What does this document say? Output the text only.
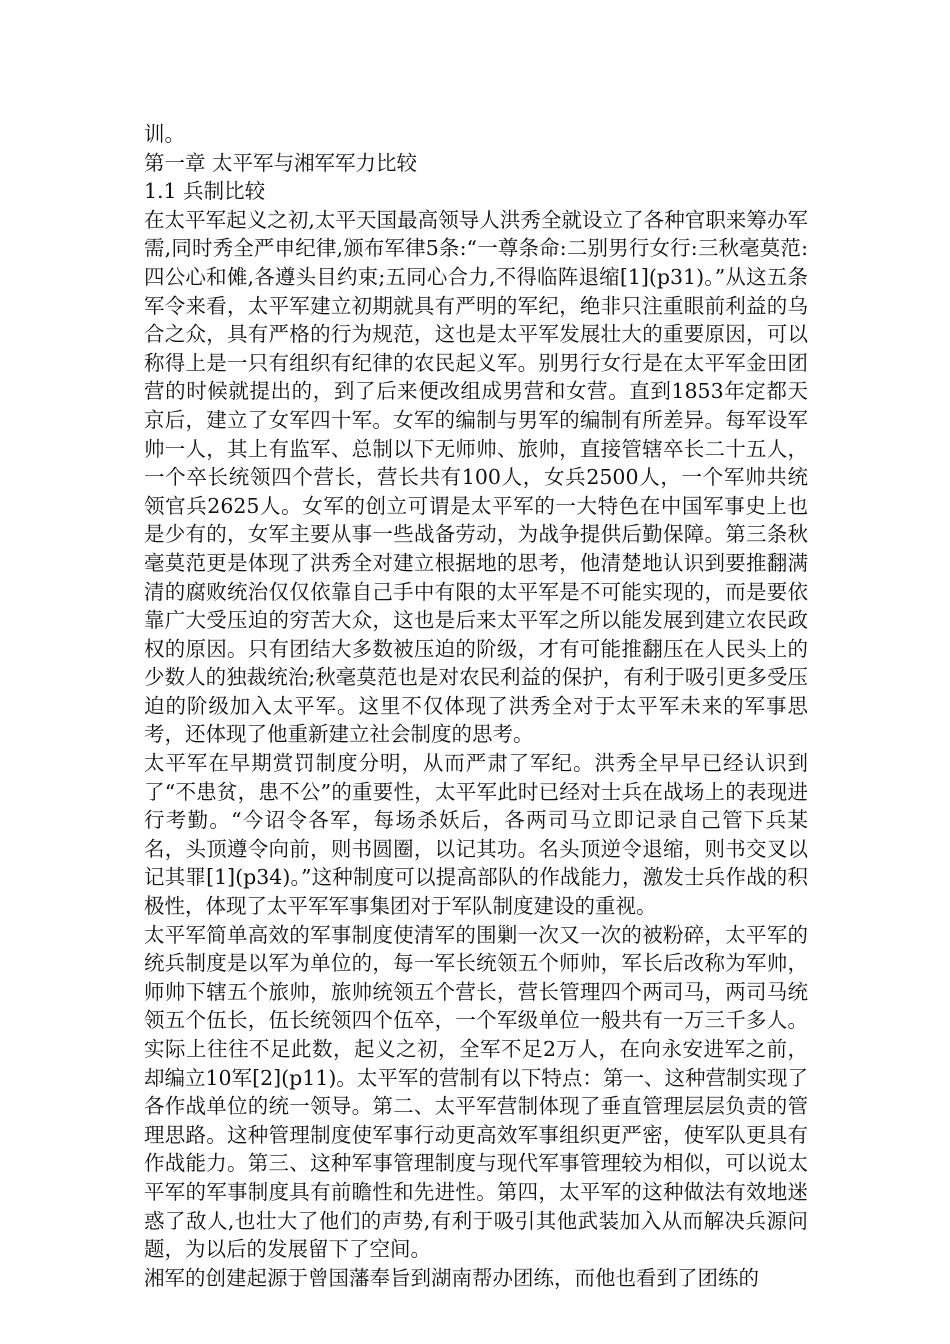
训。

第一章 太平军与湘军军力比较

1.1 兵制比较

在太平军起义之初,太平天国最高领导人洪秀全就设立了各种官职来筹办军需,同时秀全严申纪律,颁布军律5条:“一尊条命:二别男行女行:三秋毫莫范:四公心和傩,各遵头目约束;五同心合力,不得临阵退缩[1](p31)。”从这五条军令来看，太平军建立初期就具有严明的军纪，绝非只注重眼前利益的乌合之众，具有严格的行为规范，这也是太平军发展壮大的重要原因，可以称得上是一只有组织有纪律的农民起义军。别男行女行是在太平军金田团营的时候就提出的，到了后来便改组成男营和女营。直到1853年定都天京后，建立了女军四十军。女军的编制与男军的编制有所差异。每军设军帅一人，其上有监军、总制以下无师帅、旅帅，直接管辖卒长二十五人，一个卒长统领四个营长，营长共有100人，女兵2500人，一个军帅共统领官兵2625人。女军的创立可谓是太平军的一大特色在中国军事史上也是少有的，女军主要从事一些战备劳动，为战争提供后勤保障。第三条秋毫莫范更是体现了洪秀全对建立根据地的思考，他清楚地认识到要推翻满清的腐败统治仅仅依靠自己手中有限的太平军是不可能实现的，而是要依靠广大受压迫的穷苦大众，这也是后来太平军之所以能发展到建立农民政权的原因。只有团结大多数被压迫的阶级，才有可能推翻压在人民头上的少数人的独裁统治;秋毫莫范也是对农民利益的保护，有利于吸引更多受压迫的阶级加入太平军。这里不仅体现了洪秀全对于太平军未来的军事思考，还体现了他重新建立社会制度的思考。

太平军在早期赏罚制度分明，从而严肃了军纪。洪秀全早早已经认识到了“不患贫，患不公”的重要性，太平军此时已经对士兵在战场上的表现进行考勤。“今诏令各军，每场杀妖后，各两司马立即记录自己管下兵某名，头顶遵令向前，则书圆圈，以记其功。名头顶逆令退缩，则书交叉以记其罪[1](p34)。”这种制度可以提高部队的作战能力，激发士兵作战的积极性，体现了太平军军事集团对于军队制度建设的重视。

太平军简单高效的军事制度使清军的围剿一次又一次的被粉碎，太平军的统兵制度是以军为单位的，每一军长统领五个师帅，军长后改称为军帅，师帅下辖五个旅帅，旅帅统领五个营长，营长管理四个两司马，两司马统领五个伍长，伍长统领四个伍卒，一个军级单位一般共有一万三千多人。实际上往往不足此数，起义之初，全军不足2万人，在向永安进军之前，却编立10军[2](p11)。太平军的营制有以下特点：第一、这种营制实现了各作战单位的统一领导。第二、太平军营制体现了垂直管理层层负责的管理思路。这种管理制度使军事行动更高效军事组织更严密，使军队更具有作战能力。第三、这种军事管理制度与现代军事管理较为相似，可以说太平军的军事制度具有前瞻性和先进性。第四，太平军的这种做法有效地迷惑了敌人,也壮大了他们的声势,有利于吸引其他武装加入从而解决兵源问题，为以后的发展留下了空间。

湘军的创建起源于曾国藩奉旨到湖南帮办团练，而他也看到了团练的
